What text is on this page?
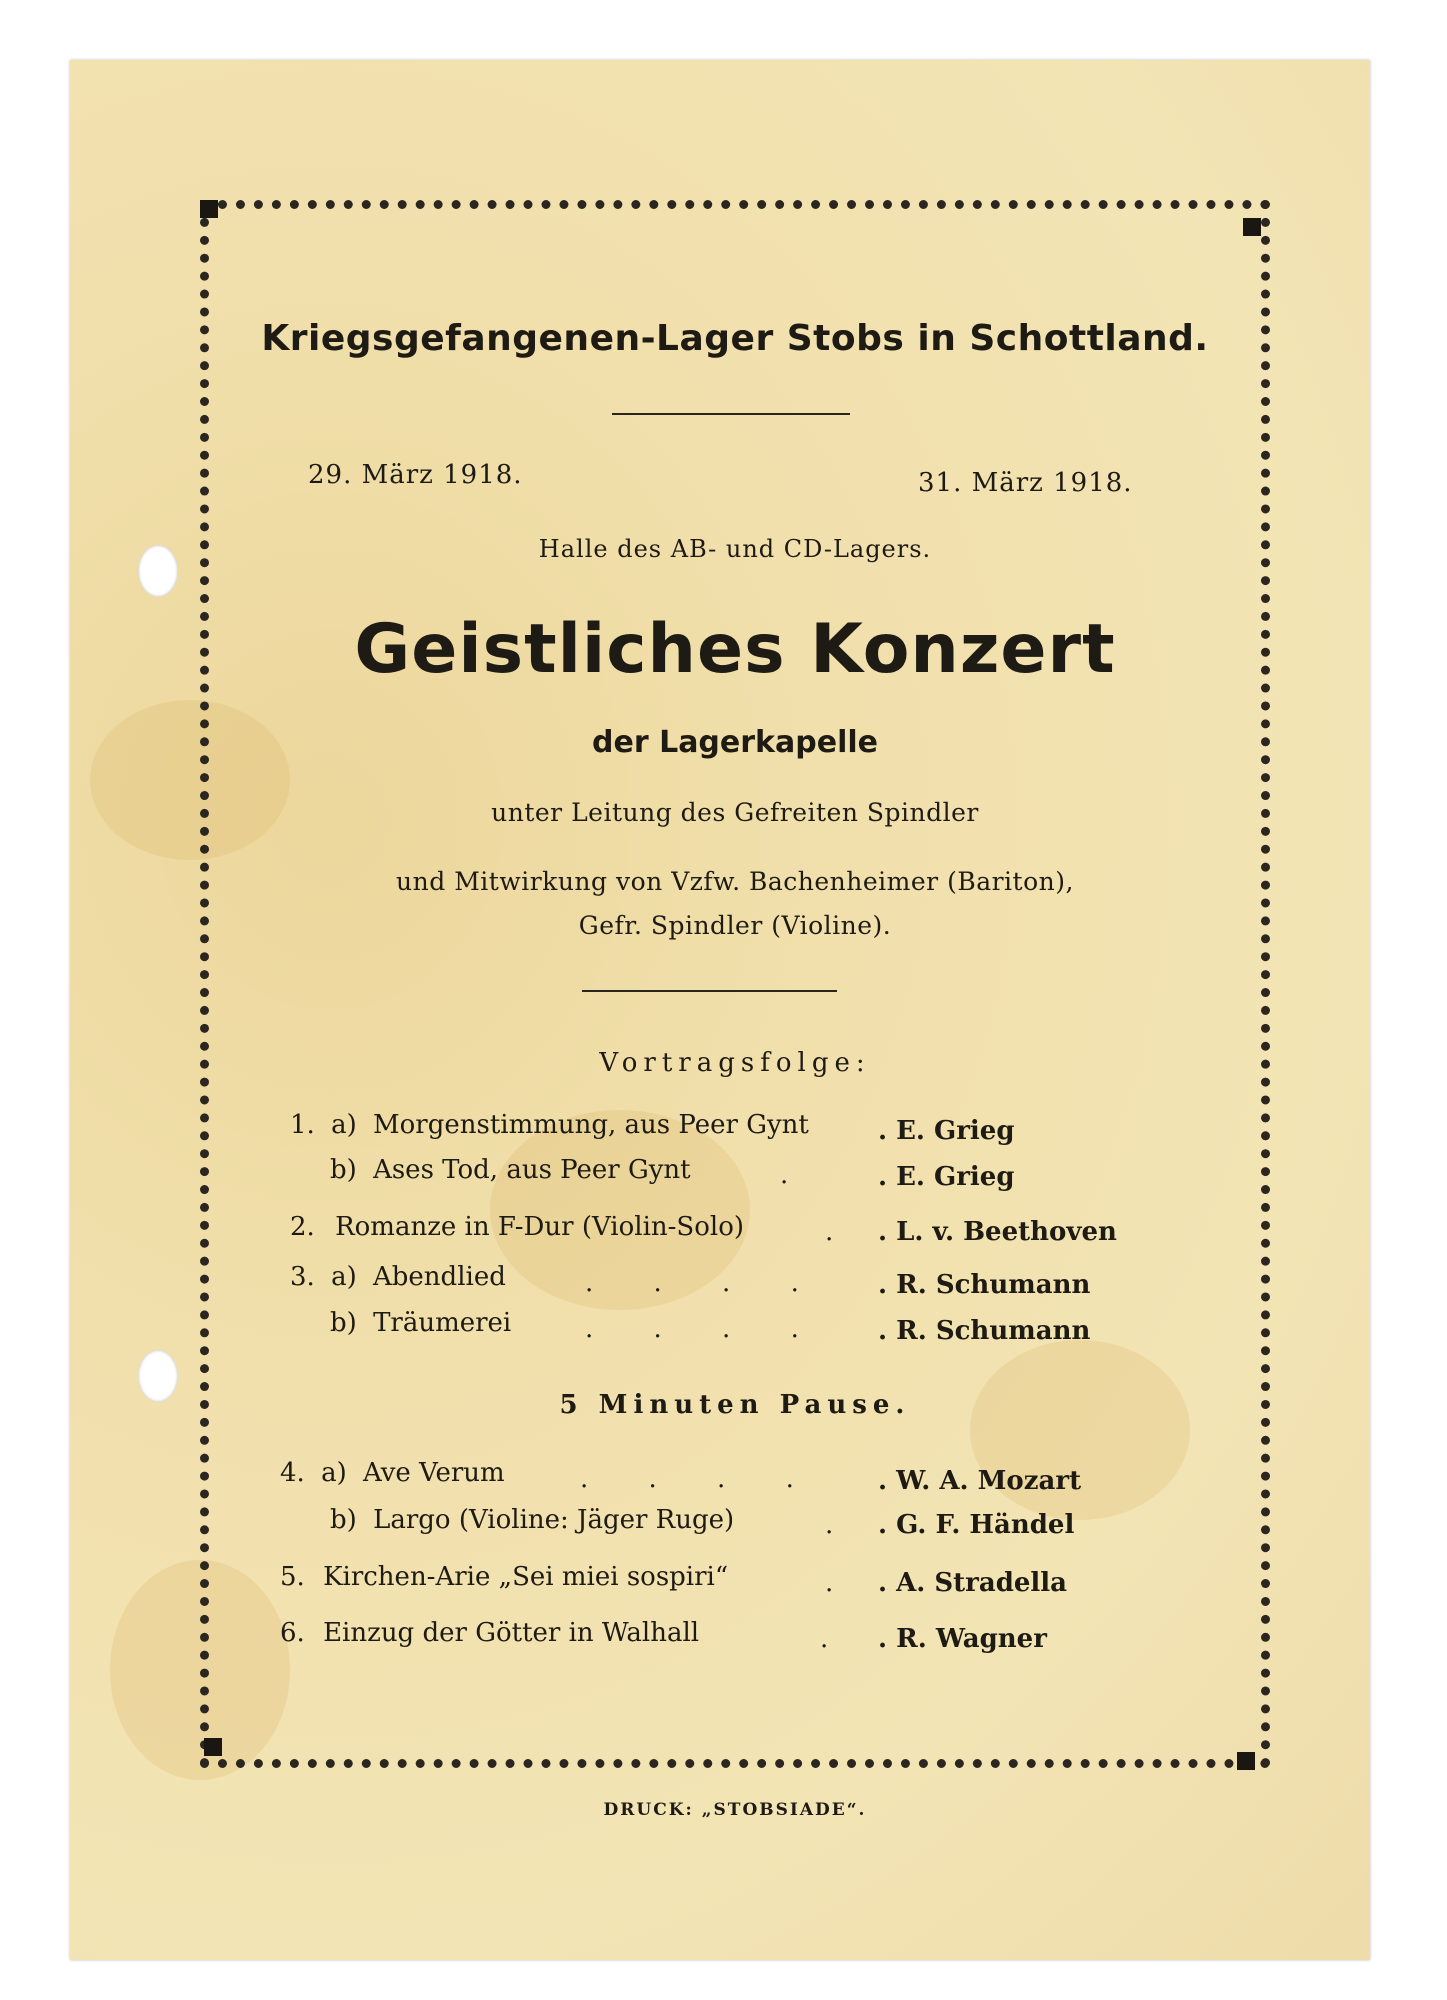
Kriegsgefangenen-Lager Stobs in Schottland.
29. März 1918.	31. März 1918.
Halle des AB- und CD-Lagers.
Geistliches Konzert
der Lagerkapelle
unter Leitung des Gefreiten Spindler
und Mitwirkung von Vzfw. Bachenheimer (Bariton),
Gefr. Spindler (Violine).
Vortragsfolge:
1. a) Morgenstimmung, aus Peer Gynt	. E. Grieg
b) Ases Tod, aus Peer Gynt	. . E. Grieg
2. Romanze in F-Dur (Violin-Solo)	. . L. v. Beethoven
3. a) Abendlied	. . . . . R. Schumann
b) Träumerei	. . . . . R. Schumann
5 Minuten Pause.
4. a) Ave Verum	. . . . . W. A. Mozart
b) Largo (Violine: Jäger Ruge)	. . G. F. Händel
5. Kirchen-Arie „Sei miei sospiri“	. . A. Stradella
6. Einzug der Götter in Walhall	. . R. Wagner
DRUCK: „STOBSIADE“.
